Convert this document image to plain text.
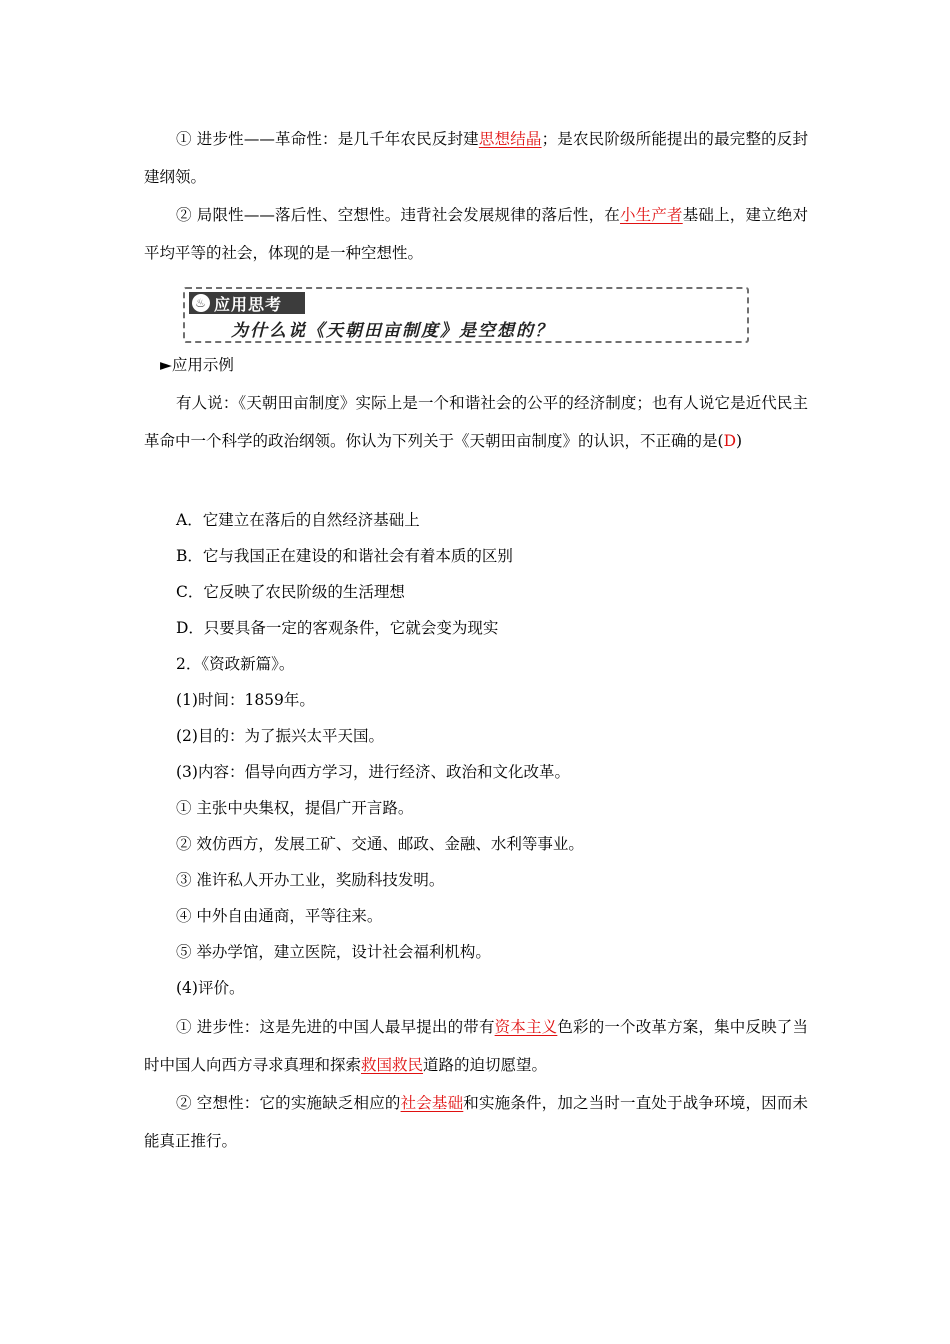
① 进步性——革命性：是几千年农民反封建思想结晶；是农民阶级所能提出的最完整的反封建纲领。

② 局限性——落后性、空想性。违背社会发展规律的落后性，在小生产者基础上，建立绝对平均平等的社会，体现的是一种空想性。

♨ 应用思考
为什么说《天朝田亩制度》是空想的？
►应用示例

有人说：《天朝田亩制度》实际上是一个和谐社会的公平的经济制度；也有人说它是近代民主革命中一个科学的政治纲领。你认为下列关于《天朝田亩制度》的认识，不正确的是(D)

A．它建立在落后的自然经济基础上
B．它与我国正在建设的和谐社会有着本质的区别
C．它反映了农民阶级的生活理想
D．只要具备一定的客观条件，它就会变为现实
2．《资政新篇》。
(1)时间：1859年。
(2)目的：为了振兴太平天国。
(3)内容：倡导向西方学习，进行经济、政治和文化改革。
① 主张中央集权，提倡广开言路。
② 效仿西方，发展工矿、交通、邮政、金融、水利等事业。
③ 准许私人开办工业，奖励科技发明。
④ 中外自由通商，平等往来。
⑤ 举办学馆，建立医院，设计社会福利机构。
(4)评价。

① 进步性：这是先进的中国人最早提出的带有资本主义色彩的一个改革方案，集中反映了当时中国人向西方寻求真理和探索救国救民道路的迫切愿望。

② 空想性：它的实施缺乏相应的社会基础和实施条件，加之当时一直处于战争环境，因而未能真正推行。
